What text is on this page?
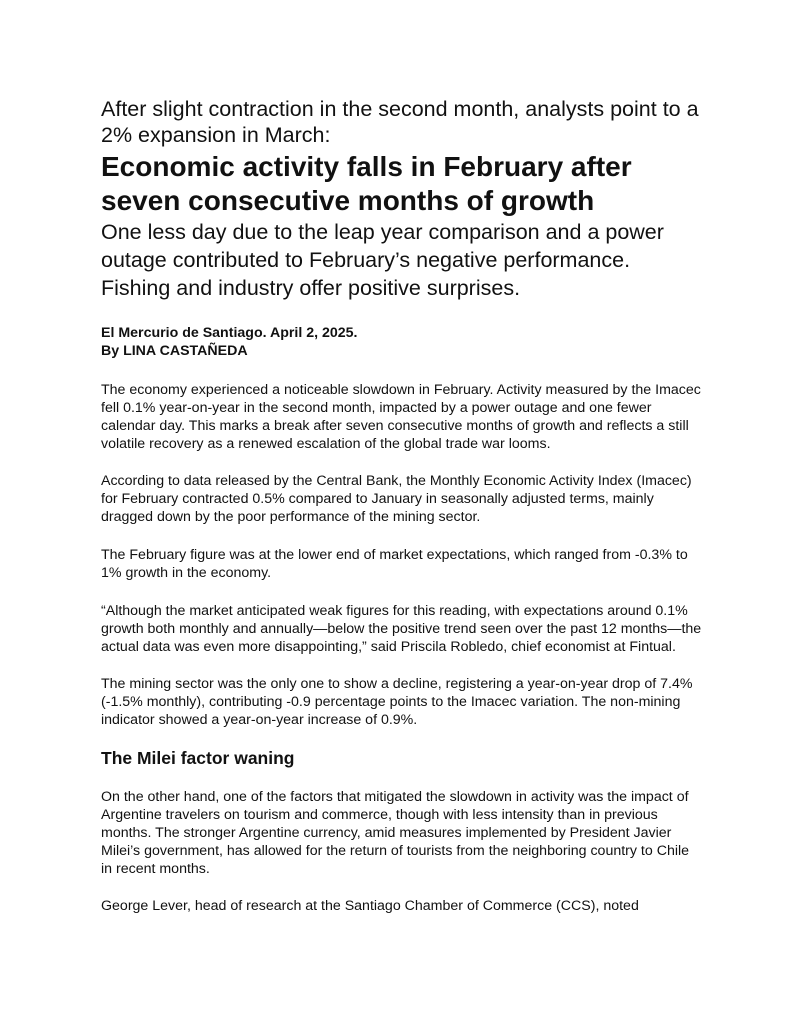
After slight contraction in the second month, analysts point to a 2% expansion in March:

Economic activity falls in February after seven consecutive months of growth

One less day due to the leap year comparison and a power outage contributed to February’s negative performance. Fishing and industry offer positive surprises.

El Mercurio de Santiago. April 2, 2025.
By LINA CASTAÑEDA

The economy experienced a noticeable slowdown in February. Activity measured by the Imacec fell 0.1% year-on-year in the second month, impacted by a power outage and one fewer calendar day. This marks a break after seven consecutive months of growth and reflects a still volatile recovery as a renewed escalation of the global trade war looms.

According to data released by the Central Bank, the Monthly Economic Activity Index (Imacec) for February contracted 0.5% compared to January in seasonally adjusted terms, mainly dragged down by the poor performance of the mining sector.

The February figure was at the lower end of market expectations, which ranged from -0.3% to 1% growth in the economy.

“Although the market anticipated weak figures for this reading, with expectations around 0.1% growth both monthly and annually—below the positive trend seen over the past 12 months—the actual data was even more disappointing,” said Priscila Robledo, chief economist at Fintual.

The mining sector was the only one to show a decline, registering a year-on-year drop of 7.4% (-1.5% monthly), contributing -0.9 percentage points to the Imacec variation. The non-mining indicator showed a year-on-year increase of 0.9%.

The Milei factor waning

On the other hand, one of the factors that mitigated the slowdown in activity was the impact of Argentine travelers on tourism and commerce, though with less intensity than in previous months. The stronger Argentine currency, amid measures implemented by President Javier Milei’s government, has allowed for the return of tourists from the neighboring country to Chile in recent months.

George Lever, head of research at the Santiago Chamber of Commerce (CCS), noted
